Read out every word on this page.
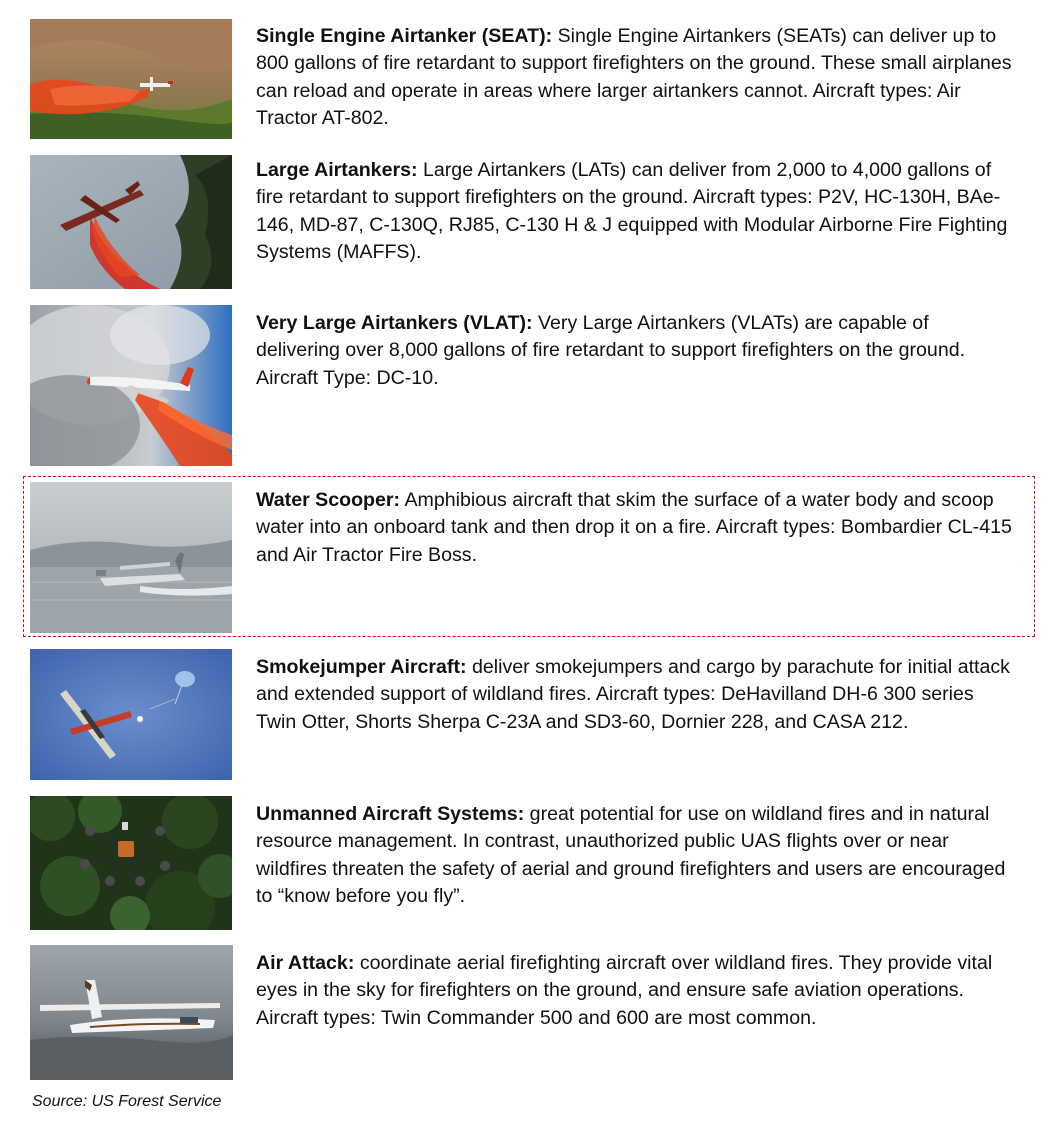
Single Engine Airtanker (SEAT): Single Engine Airtankers (SEATs) can deliver up to 800 gallons of fire retardant to support firefighters on the ground. These small airplanes can reload and operate in areas where larger airtankers cannot. Aircraft types: Air Tractor AT-802.

Large Airtankers: Large Airtankers (LATs) can deliver from 2,000 to 4,000 gallons of fire retardant to support firefighters on the ground. Aircraft types: P2V, HC-130H, BAe-146, MD-87, C-130Q, RJ85, C-130 H & J equipped with Modular Airborne Fire Fighting Systems (MAFFS).

Very Large Airtankers (VLAT): Very Large Airtankers (VLATs) are capable of delivering over 8,000 gallons of fire retardant to support firefighters on the ground. Aircraft Type: DC-10.

Water Scooper: Amphibious aircraft that skim the surface of a water body and scoop water into an onboard tank and then drop it on a fire. Aircraft types: Bombardier CL-415 and Air Tractor Fire Boss.

Smokejumper Aircraft: deliver smokejumpers and cargo by parachute for initial attack and extended support of wildland fires. Aircraft types: DeHavilland DH-6 300 series Twin Otter, Shorts Sherpa C-23A and SD3-60, Dornier 228, and CASA 212.

Unmanned Aircraft Systems: great potential for use on wildland fires and in natural resource management. In contrast, unauthorized public UAS flights over or near wildfires threaten the safety of aerial and ground firefighters and users are encouraged to “know before you fly”.

Air Attack: coordinate aerial firefighting aircraft over wildland fires. They provide vital eyes in the sky for firefighters on the ground, and ensure safe aviation operations. Aircraft types: Twin Commander 500 and 600 are most common.

Source: US Forest Service
